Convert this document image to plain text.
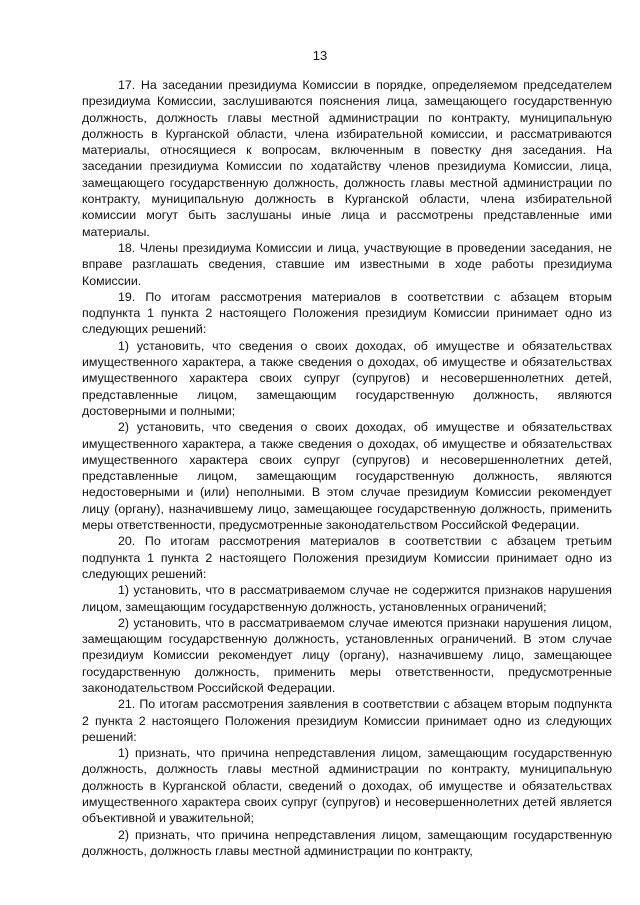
13

17. На заседании президиума Комиссии в порядке, определяемом председателем президиума Комиссии, заслушиваются пояснения лица, замещающего государственную должность, должность главы местной администрации по контракту, муниципальную должность в Курганской области, члена избирательной комиссии, и рассматриваются материалы, относящиеся к вопросам, включенным в повестку дня заседания. На заседании президиума Комиссии по ходатайству членов президиума Комиссии, лица, замещающего государственную должность, должность главы местной администрации по контракту, муниципальную должность в Курганской области, члена избирательной комиссии могут быть заслушаны иные лица и рассмотрены представленные ими материалы.

18. Члены президиума Комиссии и лица, участвующие в проведении заседания, не вправе разглашать сведения, ставшие им известными в ходе работы президиума Комиссии.

19. По итогам рассмотрения материалов в соответствии с абзацем вторым подпункта 1 пункта 2 настоящего Положения президиум Комиссии принимает одно из следующих решений:

1) установить, что сведения о своих доходах, об имуществе и обязательствах имущественного характера, а также сведения о доходах, об имуществе и обязательствах имущественного характера своих супруг (супругов) и несовершеннолетних детей, представленные лицом, замещающим государственную должность, являются достоверными и полными;

2) установить, что сведения о своих доходах, об имуществе и обязательствах имущественного характера, а также сведения о доходах, об имуществе и обязательствах имущественного характера своих супруг (супругов) и несовершеннолетних детей, представленные лицом, замещающим государственную должность, являются недостоверными и (или) неполными. В этом случае президиум Комиссии рекомендует лицу (органу), назначившему лицо, замещающее государственную должность, применить меры ответственности, предусмотренные законодательством Российской Федерации.

20. По итогам рассмотрения материалов в соответствии с абзацем третьим подпункта 1 пункта 2 настоящего Положения президиум Комиссии принимает одно из следующих решений:

1) установить, что в рассматриваемом случае не содержится признаков нарушения лицом, замещающим государственную должность, установленных ограничений;

2) установить, что в рассматриваемом случае имеются признаки нарушения лицом, замещающим государственную должность, установленных ограничений. В этом случае президиум Комиссии рекомендует лицу (органу), назначившему лицо, замещающее государственную должность, применить меры ответственности, предусмотренные законодательством Российской Федерации.

21. По итогам рассмотрения заявления в соответствии с абзацем вторым подпункта 2 пункта 2 настоящего Положения президиум Комиссии принимает одно из следующих решений:

1) признать, что причина непредставления лицом, замещающим государственную должность, должность главы местной администрации по контракту, муниципальную должность в Курганской области, сведений о доходах, об имуществе и обязательствах имущественного характера своих супруг (супругов) и несовершеннолетних детей является объективной и уважительной;

2) признать, что причина непредставления лицом, замещающим государственную должность, должность главы местной администрации по контракту,
